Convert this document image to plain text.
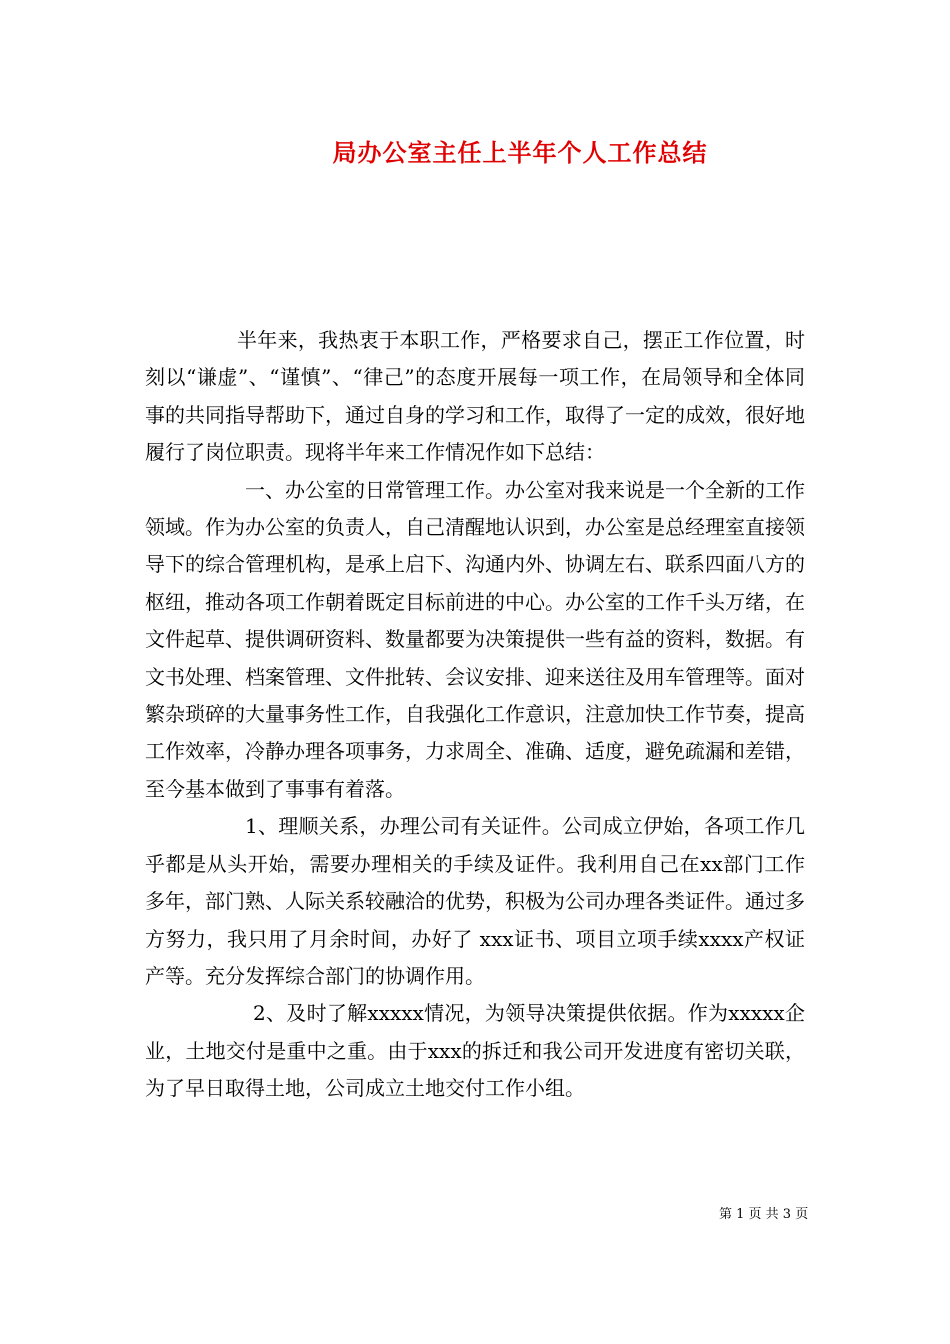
局办公室主任上半年个人工作总结

半年来，我热衷于本职工作，严格要求自己，摆正工作位置，时刻以“谦虚”、“谨慎”、“律己”的态度开展每一项工作，在局领导和全体同事的共同指导帮助下，通过自身的学习和工作，取得了一定的成效，很好地履行了岗位职责。现将半年来工作情况作如下总结：

一、办公室的日常管理工作。办公室对我来说是一个全新的工作领域。作为办公室的负责人，自己清醒地认识到，办公室是总经理室直接领导下的综合管理机构，是承上启下、沟通内外、协调左右、联系四面八方的枢纽，推动各项工作朝着既定目标前进的中心。办公室的工作千头万绪，在文件起草、提供调研资料、数量都要为决策提供一些有益的资料，数据。有文书处理、档案管理、文件批转、会议安排、迎来送往及用车管理等。面对繁杂琐碎的大量事务性工作，自我强化工作意识，注意加快工作节奏，提高工作效率，冷静办理各项事务，力求周全、准确、适度，避免疏漏和差错，至今基本做到了事事有着落。

1、理顺关系，办理公司有关证件。公司成立伊始，各项工作几乎都是从头开始，需要办理相关的手续及证件。我利用自己在xx部门工作多年，部门熟、人际关系较融洽的优势，积极为公司办理各类证件。通过多方努力，我只用了月余时间，办好了 xxx证书、项目立项手续xxxx产权证产等。充分发挥综合部门的协调作用。

2、及时了解xxxxx情况，为领导决策提供依据。作为xxxxx企业，土地交付是重中之重。由于xxx的拆迁和我公司开发进度有密切关联，为了早日取得土地，公司成立土地交付工作小组。

第 1 页 共 3 页
